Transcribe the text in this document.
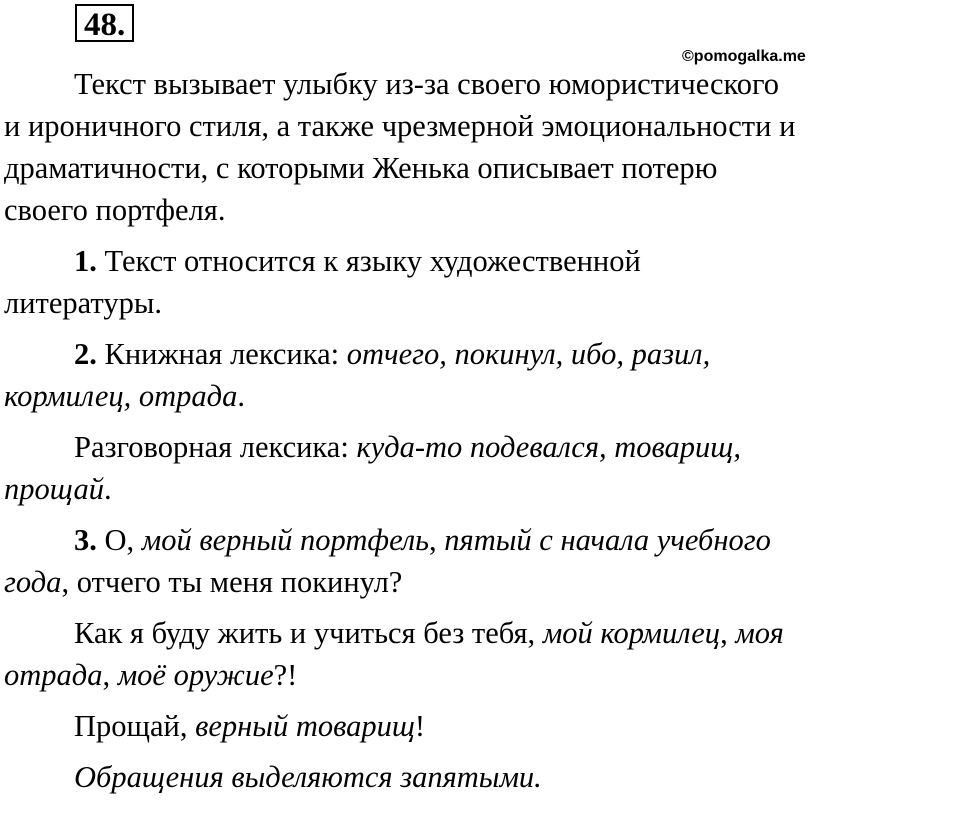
48.
©pomogalka.me
Текст вызывает улыбку из-за своего юмористического
и ироничного стиля, а также чрезмерной эмоциональности и
драматичности, с которыми Женька описывает потерю
своего портфеля.
1. Текст относится к языку художественной
литературы.
2. Книжная лексика: отчего, покинул, ибо, разил,
кормилец, отрада.
Разговорная лексика: куда-то подевался, товарищ,
прощай.
3. О, мой верный портфель, пятый с начала учебного
года, отчего ты меня покинул?
Как я буду жить и учиться без тебя, мой кормилец, моя
отрада, моё оружие?!
Прощай, верный товарищ!
Обращения выделяются запятыми.
